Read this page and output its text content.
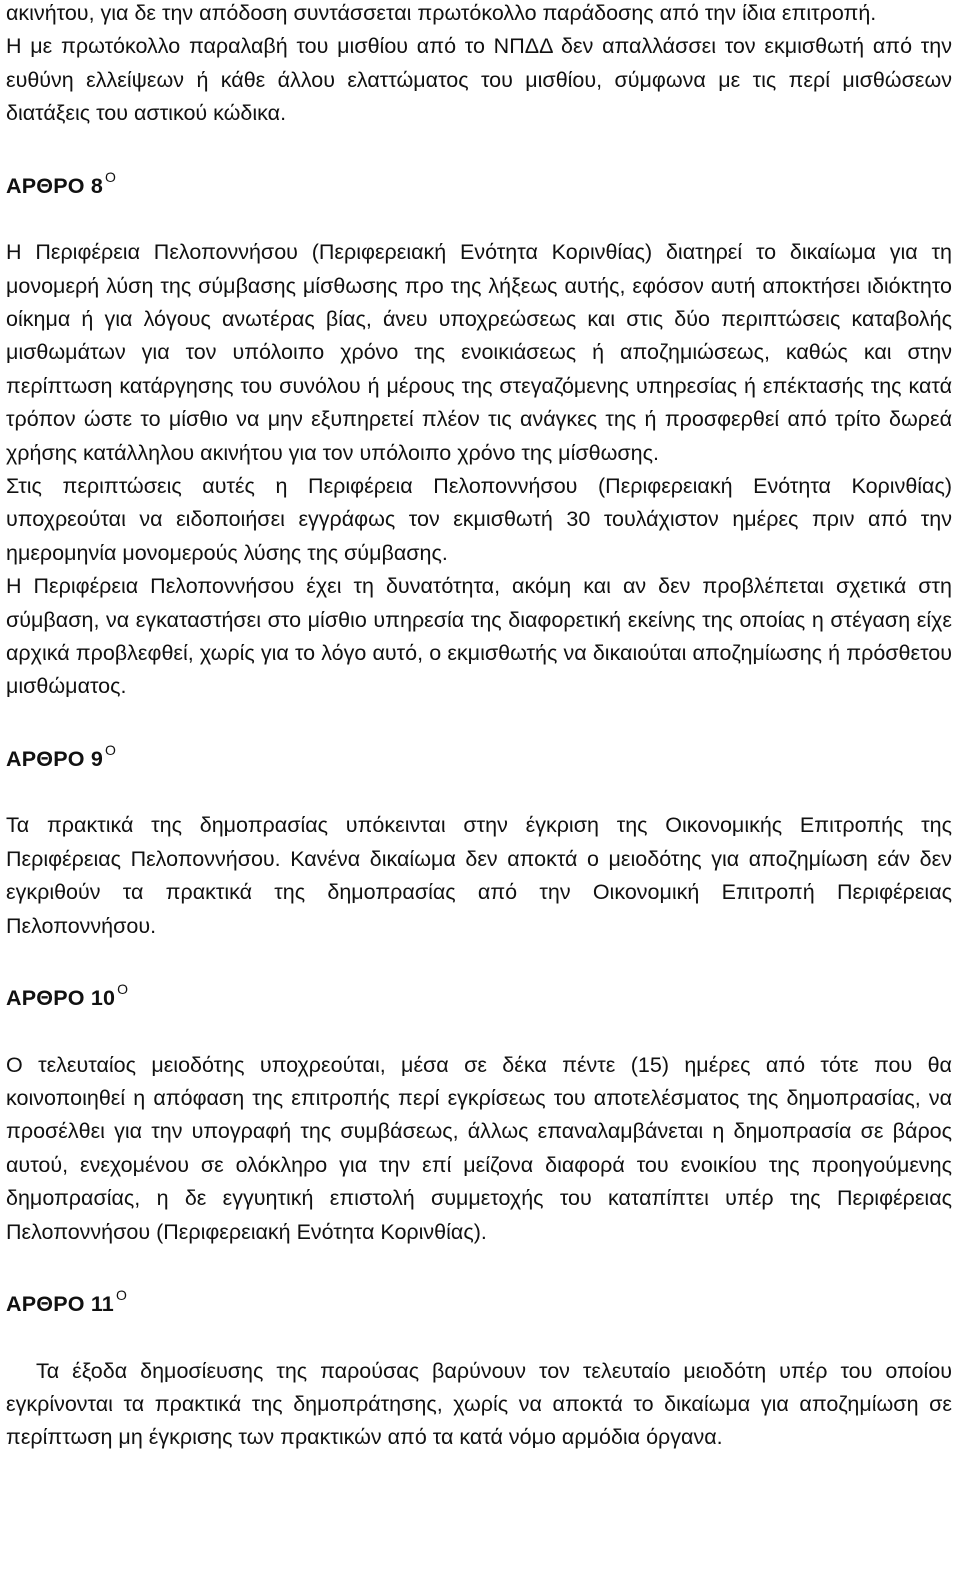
ακινήτου, για δε την απόδοση συντάσσεται πρωτόκολλο παράδοσης από την ίδια επιτροπή.

Η με πρωτόκολλο παραλαβή του μισθίου από το ΝΠΔΔ δεν απαλλάσσει τον εκμισθωτή από την ευθύνη ελλείψεων ή κάθε άλλου ελαττώματος του μισθίου, σύμφωνα με τις περί μισθώσεων διατάξεις του αστικού κώδικα.

ΑΡΘΡΟ 8 $^O$

Η Περιφέρεια Πελοποννήσου (Περιφερειακή Ενότητα Κορινθίας) διατηρεί το δικαίωμα για τη μονομερή λύση της σύμβασης μίσθωσης προ της λήξεως αυτής, εφόσον αυτή αποκτήσει ιδιόκτητο οίκημα ή για λόγους ανωτέρας βίας, άνευ υποχρεώσεως και στις δύο περιπτώσεις καταβολής μισθωμάτων για τον υπόλοιπο χρόνο της ενοικιάσεως ή αποζημιώσεως, καθώς και στην περίπτωση κατάργησης του συνόλου ή μέρους της στεγαζόμενης υπηρεσίας ή επέκτασής της κατά τρόπον ώστε το μίσθιο να μην εξυπηρετεί πλέον τις ανάγκες της ή προσφερθεί από τρίτο δωρεά χρήσης κατάλληλου ακινήτου για τον υπόλοιπο χρόνο της μίσθωσης.

Στις περιπτώσεις αυτές η Περιφέρεια Πελοποννήσου (Περιφερειακή Ενότητα Κορινθίας) υποχρεούται να ειδοποιήσει εγγράφως τον εκμισθωτή 30 τουλάχιστον ημέρες πριν από την ημερομηνία μονομερούς λύσης της σύμβασης.

Η Περιφέρεια Πελοποννήσου έχει τη δυνατότητα, ακόμη και αν δεν προβλέπεται σχετικά στη σύμβαση, να εγκαταστήσει στο μίσθιο υπηρεσία της διαφορετική εκείνης της οποίας η στέγαση είχε αρχικά προβλεφθεί, χωρίς για το λόγο αυτό, ο εκμισθωτής να δικαιούται αποζημίωσης ή πρόσθετου μισθώματος.

ΑΡΘΡΟ 9 $^O$

Τα πρακτικά της δημοπρασίας υπόκεινται στην έγκριση της Οικονομικής Επιτροπής της Περιφέρειας Πελοποννήσου. Κανένα δικαίωμα δεν αποκτά ο μειοδότης για αποζημίωση εάν δεν εγκριθούν τα πρακτικά της δημοπρασίας από την Οικονομική Επιτροπή Περιφέρειας Πελοποννήσου.

ΑΡΘΡΟ 10 $^O$

Ο τελευταίος μειοδότης υποχρεούται, μέσα σε δέκα πέντε (15) ημέρες από τότε που θα κοινοποιηθεί η απόφαση της επιτροπής περί εγκρίσεως του αποτελέσματος της δημοπρασίας, να προσέλθει για την υπογραφή της συμβάσεως, άλλως επαναλαμβάνεται η δημοπρασία σε βάρος αυτού, ενεχομένου σε ολόκληρο για την επί μείζονα διαφορά του ενοικίου της προηγούμενης δημοπρασίας, η δε εγγυητική επιστολή συμμετοχής του καταπίπτει υπέρ της Περιφέρειας Πελοποννήσου (Περιφερειακή Ενότητα Κορινθίας).

ΑΡΘΡΟ 11 $^O$

Τα έξοδα δημοσίευσης της παρούσας βαρύνουν τον τελευταίο μειοδότη υπέρ του οποίου εγκρίνονται τα πρακτικά της δημοπράτησης, χωρίς να αποκτά το δικαίωμα για αποζημίωση σε περίπτωση μη έγκρισης των πρακτικών από τα κατά νόμο αρμόδια όργανα.
